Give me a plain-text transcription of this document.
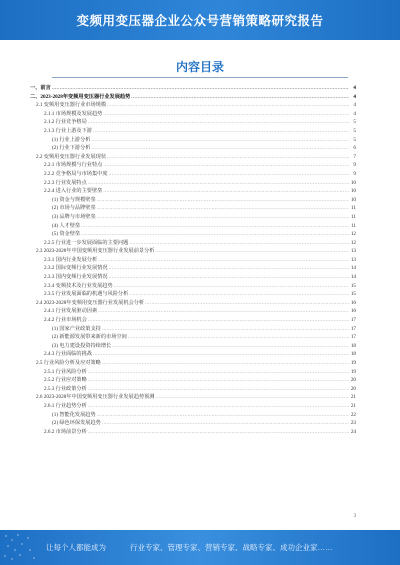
变频用变压器企业公众号营销策略研究报告
内容目录
一、前言 .....	4
二、2023-2028年变频用变压器行业发展趋势 .....	4
2.1 变频用变压器行业市场规模 .....	4
2.1.1 市场规模及发展趋势 .....	4
2.1.2 行业竞争格局 .....	5
2.1.3 行业上游及下游 .....	5
(1) 行业上游分析 .....	5
(2) 行业下游分析 .....	6
2.2 变频用变压器行业发展现状 .....	7
2.2.1 市场规模与行业特点 .....	9
2.2.2 竞争格局与市场集中度 .....	9
2.2.3 行业发展特点 .....	10
2.2.4 进入行业的主要壁垒 .....	10
(1) 资金与规模壁垒 .....	10
(2) 市场与品牌壁垒 .....	11
(3) 品牌与市场壁垒 .....	11
(4) 人才壁垒 .....	11
(5) 资金壁垒 .....	12
2.2.5 行业进一步发展面临的主要问题 .....	12
2.3 2023-2028年中国变频用变压器行业发展前景分析 .....	13
2.3.1 国内行业发展分析 .....	13
2.3.2 国际变频行业发展情况 .....	14
2.3.3 国内变频行业发展情况 .....	14
2.3.4 变频技术及行业发展趋势 .....	15
2.3.5 行业发展面临的机遇与风险分析 .....	15
2.4 2023-2028年变频用变压器行业发展机会分析 .....	16
2.4.1 行业发展驱动因素 .....	16
2.4.2 行业市场机会 .....	17
(1) 国家产业政策支持 .....	17
(2) 新能源发展带来新的市场空间 .....	17
(3) 电力建设投资持续增长 .....	18
2.4.3 行业面临的挑战 .....	18
2.5 行业风险分析及应对策略 .....	19
2.5.1 行业风险分析 .....	19
2.5.2 行业应对策略 .....	20
2.5.3 行业政策分析 .....	20
2.6 2023-2028年中国变频用变压器行业发展趋势预测 .....	21
2.6.1 行业趋势分析 .....	21
(1) 智能化发展趋势 .....	22
(2) 绿色环保发展趋势 .....	23
2.6.2 市场前景分析 .....	24
3
让每个人都能成为	行业专家、管理专家、营销专家、战略专家、成功企业家……
